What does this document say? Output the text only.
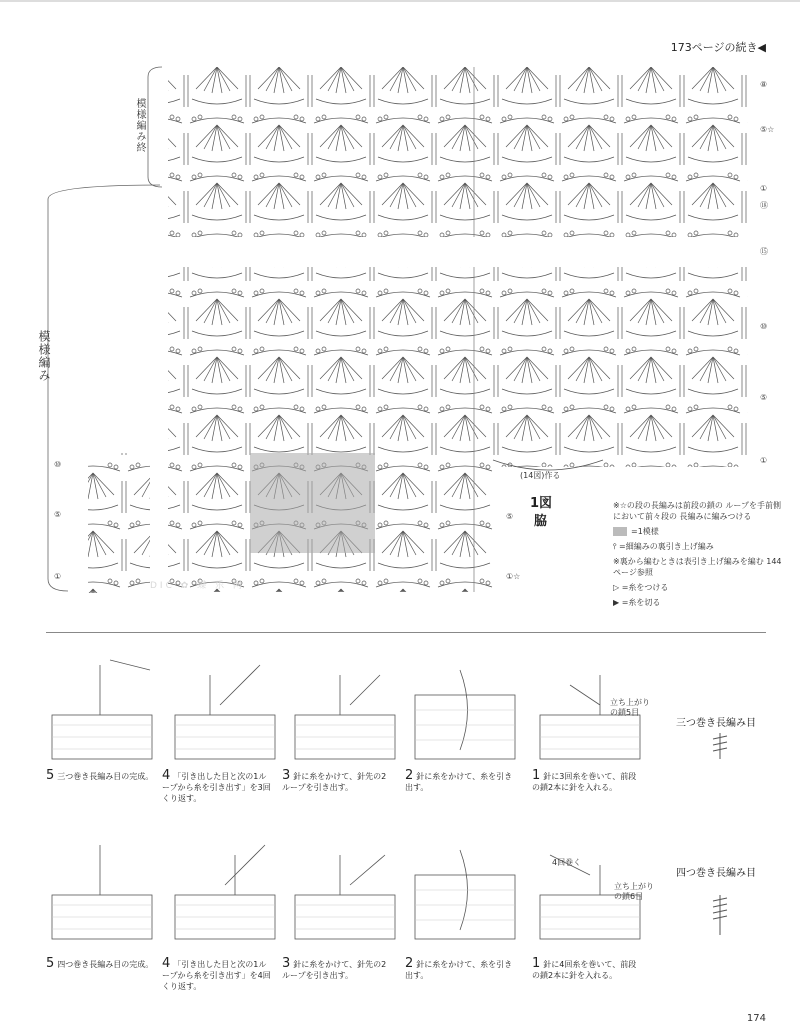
173ページの続き◀
模様編み終
模様編み
⑧
⑤☆
①
⑱
⑮
⑩
⑤
①
⑤
①☆
⑩
⑤
①
(14図)作る
1図
脇
※☆の段の長編みは前段の鎖の ループを手前側において前々段の 長編みに編みつける
=1模様
⫯ =細編みの裏引き上げ編み
※裏から編むときは表引き上げ編みを編む 144ページ参照
▷ =糸をつける
▶ =糸を切る
DIC ✿ 蝶 乐 网
立ち上がりの鎖5目
三つ巻き長編み目
5 三つ巻き長編み目の完成。 4 「引き出した目と次の1ループから糸を引き出す」を3回くり返す。
3 針に糸をかけて、針先の2ループを引き出す。
2 針に糸をかけて、糸を引き出す。
1 針に3回糸を巻いて、前段の鎖2本に針を入れる。
4回巻く
立ち上がりの鎖6目
四つ巻き長編み目
5 四つ巻き長編み目の完成。 4 「引き出した目と次の1ループから糸を引き出す」を4回くり返す。
3 針に糸をかけて、針先の2ループを引き出す。
2 針に糸をかけて、糸を引き出す。
1 針に4回糸を巻いて、前段の鎖2本に針を入れる。
174
